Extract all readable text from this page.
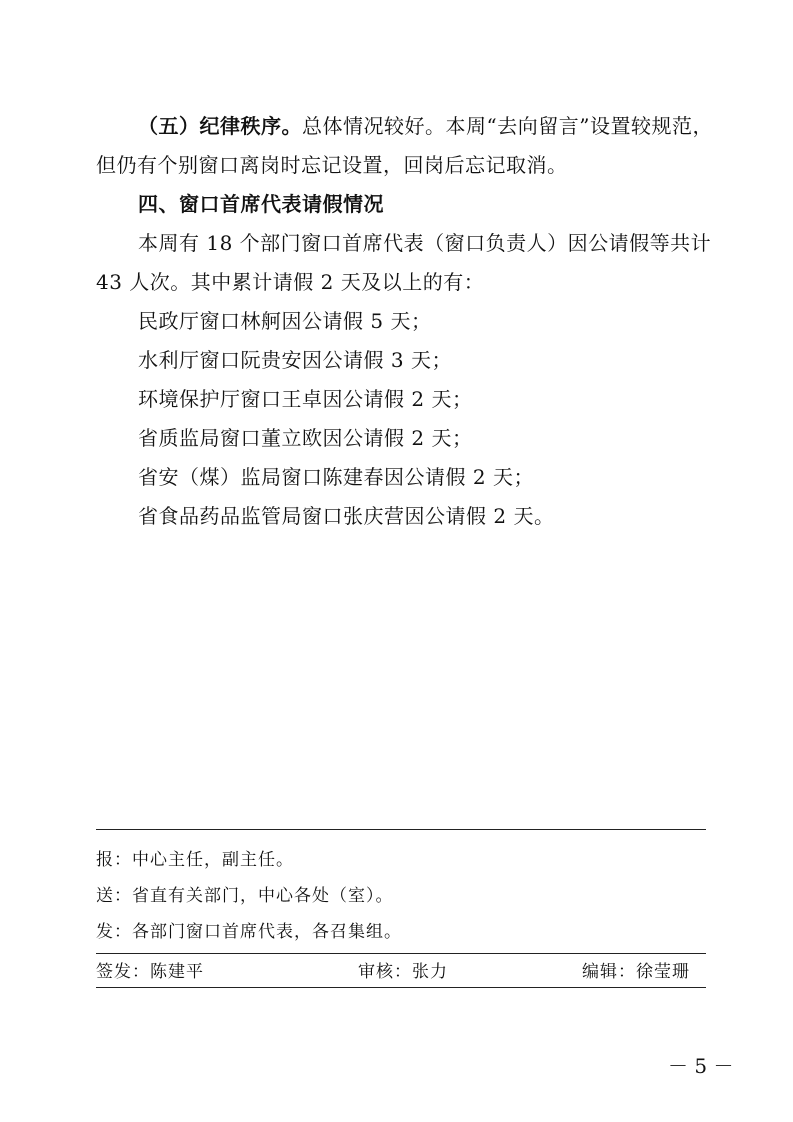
（五）纪律秩序。总体情况较好。本周“去向留言”设置较规范，
但仍有个别窗口离岗时忘记设置，回岗后忘记取消。
四、窗口首席代表请假情况
本周有 18 个部门窗口首席代表（窗口负责人）因公请假等共计
43 人次。其中累计请假 2 天及以上的有：
民政厅窗口林舸因公请假 5 天；
水利厅窗口阮贵安因公请假 3 天；
环境保护厅窗口王卓因公请假 2 天；
省质监局窗口董立欧因公请假 2 天；
省安（煤）监局窗口陈建春因公请假 2 天；
省食品药品监管局窗口张庆营因公请假 2 天。
报：中心主任，副主任。
送：省直有关部门，中心各处（室）。
发：各部门窗口首席代表，各召集组。
签发：陈建平	审核：张力	编辑：徐莹珊
－ 5 －
